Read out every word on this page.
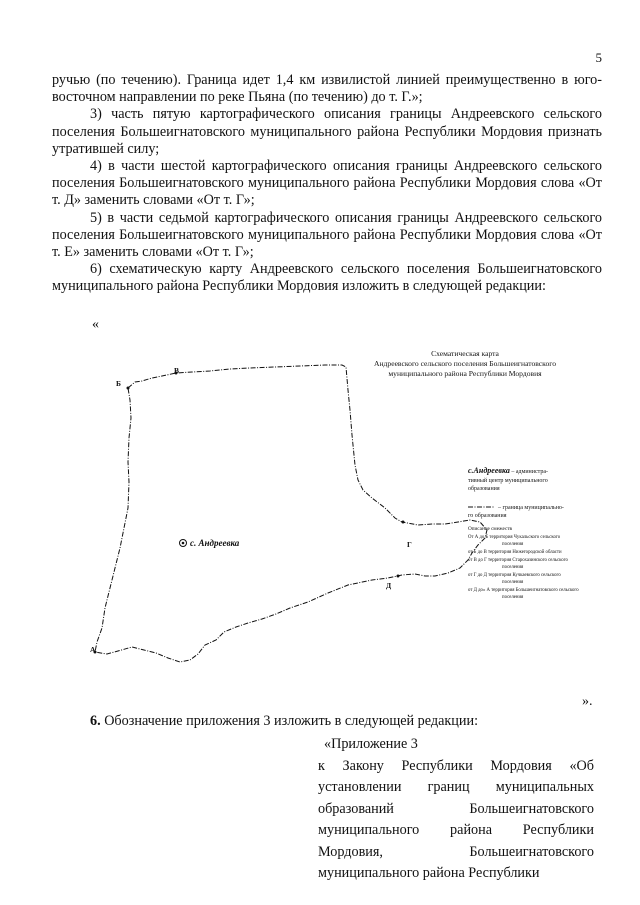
5

ручью (по течению). Граница идет 1,4 км извилистой линией преимущественно в юго-восточном направлении по реке Пьяна (по течению) до т. Г.»;

3) часть пятую картографического описания границы Андреевского сельского поселения Большеигнатовского муниципального района Республики Мордовия признать утратившей силу;

4) в части шестой картографического описания границы Андреевского сельского поселения Большеигнатовского муниципального района Республики Мордовия слова «От т. Д» заменить словами «От т. Г»;

5) в части седьмой картографического описания границы Андреевского сельского поселения Большеигнатовского муниципального района Республики Мордовия слова «От т. Е» заменить словами «От т. Г»;

6) схематическую карту Андреевского сельского поселения Большеигнатовского муниципального района Республики Мордовия изложить в следующей редакции:

«
Схематическая карта
Андреевского сельского поселения Большеигнатовского
муниципального района Республики Мордовия
А
Б
В
Г
Д
с. Андреевка
с.Андреевка – администра-
тивный центр муниципального
образования
– граница муниципально-
го образования
Описание смежеств
От А до Б территория Чукальского сельского
поселения
от Б до В территория Нижегородской области
от В до Г территория Старохазинского сельского
поселения
от Г до Д территория Кучкаевского сельского
поселения
от Д до» А территория Большеигнатовского сельского
поселения
».
6. Обозначение приложения 3 изложить в следующей редакции:

«Приложение 3

к Закону Республики Мордовия «Об установлении границ муниципальных образований Большеигнатовского муниципального района Республики Мордовия, Большеигнатовского муниципального района Республики
